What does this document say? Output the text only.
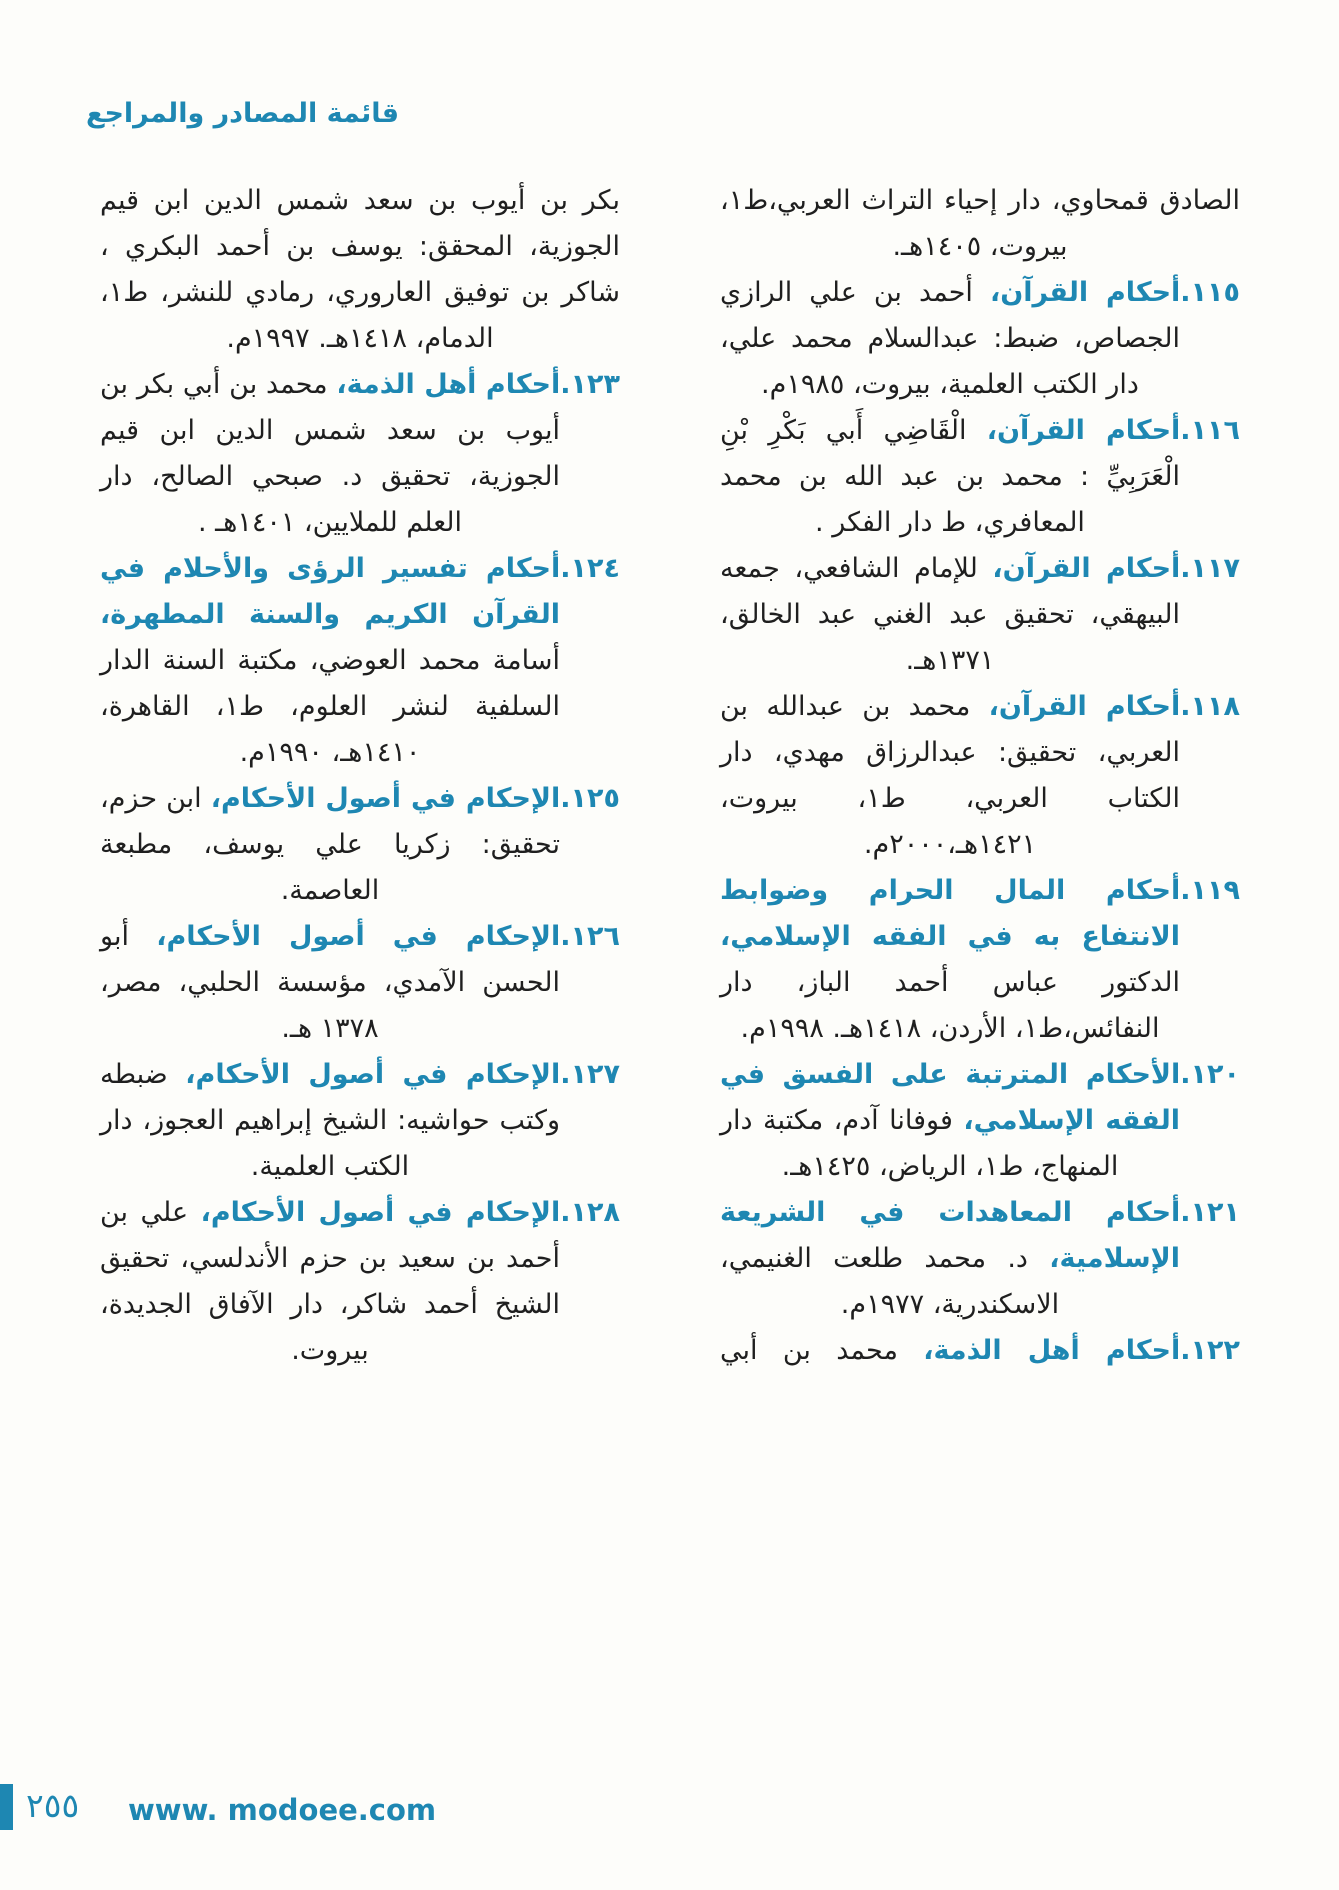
قائمة المصادر والمراجع

الصادق قمحاوي، دار إحياء التراث العربي،ط١، بيروت، ١٤٠٥هـ.

١١٥.أحكام القرآن، أحمد بن علي الرازي الجصاص، ضبط: عبدالسلام محمد علي، دار الكتب العلمية، بيروت، ١٩٨٥م.

١١٦.أحكام القرآن، الْقَاضِي أَبي بَكْرِ بْنِ الْعَرَبِيِّ : محمد بن عبد الله بن محمد المعافري، ط دار الفكر .

١١٧.أحكام القرآن، للإمام الشافعي، جمعه البيهقي، تحقيق عبد الغني عبد الخالق، ١٣٧١هـ.

١١٨.أحكام القرآن، محمد بن عبدالله بن العربي، تحقيق: عبدالرزاق مهدي، دار الكتاب العربي، ط١، بيروت، ١٤٢١هـ،٢٠٠٠م.

١١٩.أحكام المال الحرام وضوابط الانتفاع به في الفقه الإسلامي، الدكتور عباس أحمد الباز، دار النفائس،ط١، الأردن، ١٤١٨هـ. ١٩٩٨م.

١٢٠.الأحكام المترتبة على الفسق في الفقه الإسلامي، فوفانا آدم، مكتبة دار المنهاج، ط١، الرياض، ١٤٢٥هـ.

١٢١.أحكام المعاهدات في الشريعة الإسلامية، د. محمد طلعت الغنيمي، الاسكندرية، ١٩٧٧م.

١٢٢.أحكام أهل الذمة، محمد بن أبي

بكر بن أيوب بن سعد شمس الدين ابن قيم الجوزية، المحقق: يوسف بن أحمد البكري ، شاكر بن توفيق العاروري، رمادي للنشر، ط١، الدمام، ١٤١٨هـ. ١٩٩٧م.

١٢٣.أحكام أهل الذمة، محمد بن أبي بكر بن أيوب بن سعد شمس الدين ابن قيم الجوزية، تحقيق د. صبحي الصالح، دار العلم للملايين، ١٤٠١هـ .

١٢٤.أحكام تفسير الرؤى والأحلام في القرآن الكريم والسنة المطهرة، أسامة محمد العوضي، مكتبة السنة الدار السلفية لنشر العلوم، ط١، القاهرة، ١٤١٠هـ، ١٩٩٠م.

١٢٥.الإحكام في أصول الأحكام، ابن حزم، تحقيق: زكريا علي يوسف، مطبعة العاصمة.

١٢٦.الإحكام في أصول الأحكام، أبو الحسن الآمدي، مؤسسة الحلبي، مصر، ١٣٧٨ هـ.

١٢٧.الإحكام في أصول الأحكام، ضبطه وكتب حواشيه: الشيخ إبراهيم العجوز، دار الكتب العلمية.

١٢٨.الإحكام في أصول الأحكام، علي بن أحمد بن سعيد بن حزم الأندلسي، تحقيق الشيخ أحمد شاكر، دار الآفاق الجديدة، بيروت.

٢٥٥ www. modoee.com
